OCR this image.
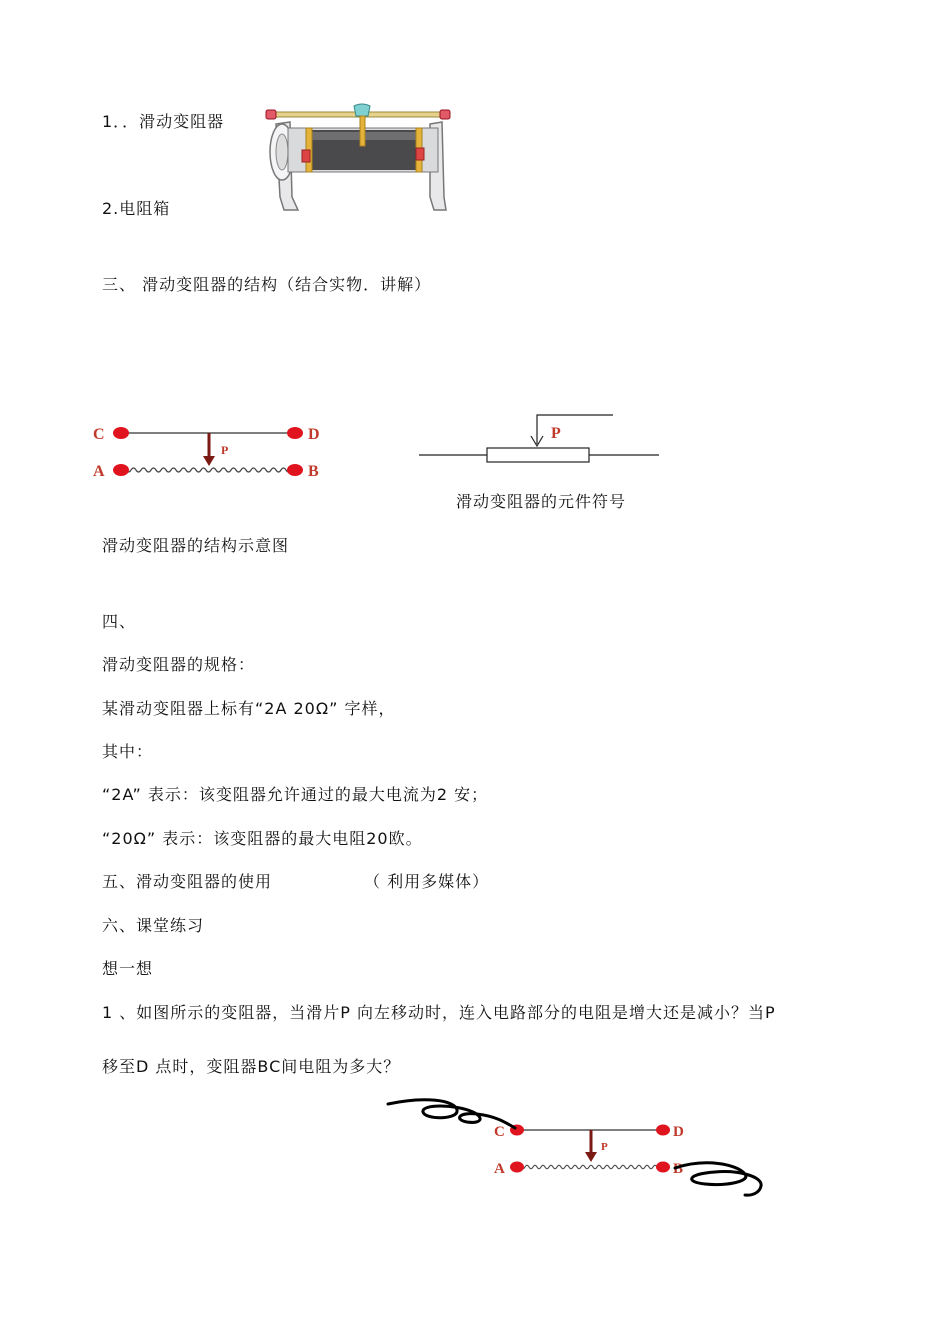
1．．滑动变阻器
2.电阻箱
三、 滑动变阻器的结构（结合实物．讲解）
C	D
A	B
P
P
滑动变阻器的元件符号
滑动变阻器的结构示意图
四、
滑动变阻器的规格：
某滑动变阻器上标有“2A 20Ω” 字样，
其中：
“2A” 表示：该变阻器允许通过的最大电流为2 安；
“20Ω” 表示：该变阻器的最大电阻20欧。
五、滑动变阻器的使用	（ 利用多媒体）
六、课堂练习
想一想
1 、如图所示的变阻器，当滑片P 向左移动时，连入电路部分的电阻是增大还是减小？当P
移至D 点时，变阻器BC间电阻为多大？
C	D
A	B
P
